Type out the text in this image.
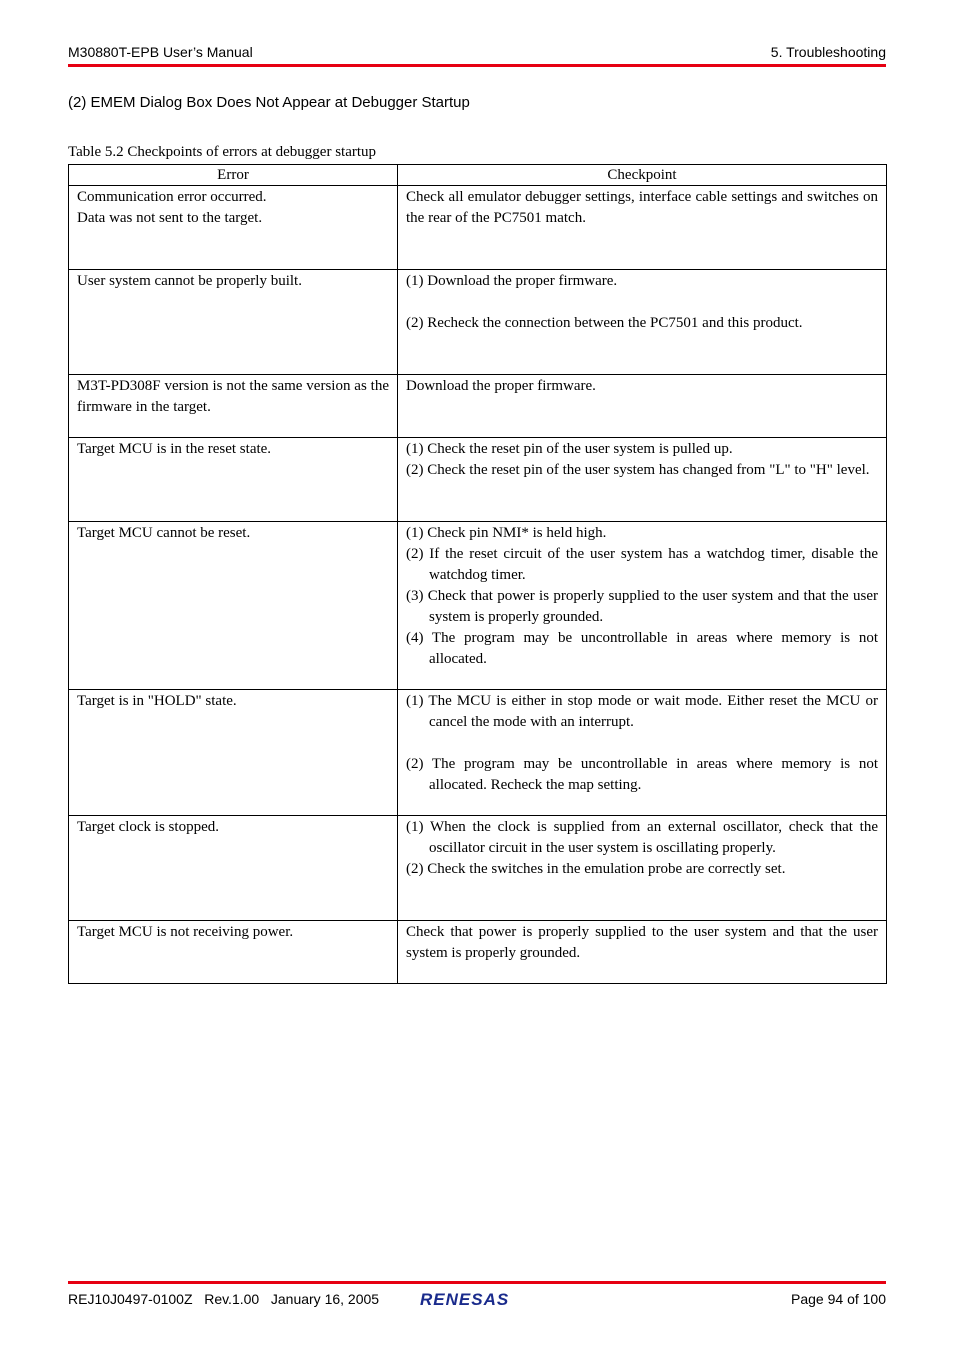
M30880T-EPB User’s Manual	5. Troubleshooting
(2) EMEM Dialog Box Does Not Appear at Debugger Startup
Table 5.2 Checkpoints of errors at debugger startup
Error	Checkpoint

Communication error occurred.
Data was not sent to the target.	Check all emulator debugger settings, interface cable settings and switches on the rear of the PC7501 match.

User system cannot be properly built.	(1) Download the proper firmware.
(2) Recheck the connection between the PC7501 and this product.

M3T-PD308F version is not the same version as the firmware in the target.	Download the proper firmware.

Target MCU is in the reset state.	(1) Check the reset pin of the user system is pulled up.
(2) Check the reset pin of the user system has changed from "L" to "H" level.

Target MCU cannot be reset.	(1) Check pin NMI* is held high.
(2) If the reset circuit of the user system has a watchdog timer, disable the watchdog timer.
(3) Check that power is properly supplied to the user system and that the user system is properly grounded.
(4) The program may be uncontrollable in areas where memory is not allocated.

Target is in "HOLD" state.	(1) The MCU is either in stop mode or wait mode. Either reset the MCU or cancel the mode with an interrupt.
(2) The program may be uncontrollable in areas where memory is not allocated. Recheck the map setting.

Target clock is stopped.	(1) When the clock is supplied from an external oscillator, check that the oscillator circuit in the user system is oscillating properly.
(2) Check the switches in the emulation probe are correctly set.

Target MCU is not receiving power.	Check that power is properly supplied to the user system and that the user system is properly grounded.
REJ10J0497-0100Z Rev.1.00 January 16, 2005	Page 94 of 100
RENESAS
